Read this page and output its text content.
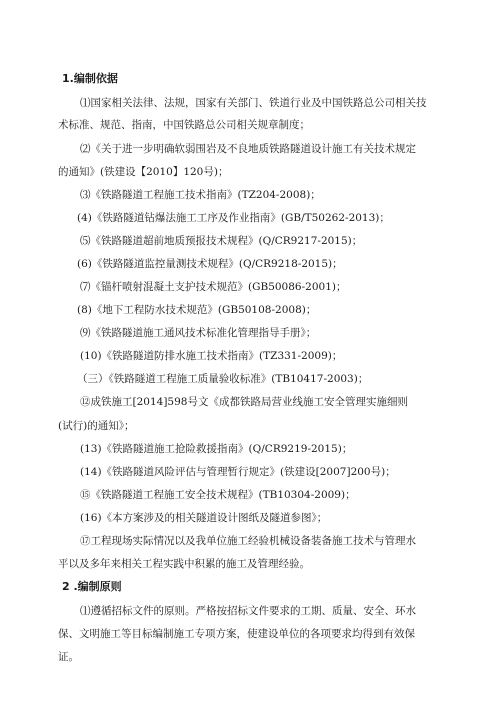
1.编制依据
⑴国家相关法律、法规，国家有关部门、铁道行业及中国铁路总公司相关技
术标准、规范、指南，中国铁路总公司相关规章制度；
⑵《关于进一步明确软弱围岩及不良地质铁路隧道设计施工有关技术规定
的通知》(铁建设【2010】120号)；
⑶《铁路隧道工程施工技术指南》(TZ204-2008)；
(4)《铁路隧道钻爆法施工工序及作业指南》(GB/T50262-2013)；
⑸《铁路隧道超前地质预报技术规程》(Q/CR9217-2015)；
(6)《铁路隧道监控量测技术规程》(Q/CR9218-2015)；
⑺《锚杆喷射混凝土支护技术规范》(GB50086-2001)；
(8)《地下工程防水技术规范》(GB50108-2008)；
⑼《铁路隧道施工通风技术标准化管理指导手册》；
(10)《铁路隧道防排水施工技术指南》(TZ331-2009)；
（三）《铁路隧道工程施工质量验收标准》(TB10417-2003)；
⑫成铁施工[2014]598号文《成都铁路局营业线施工安全管理实施细则
(试行)的通知》；
(13)《铁路隧道施工抢险救援指南》(Q/CR9219-2015)；
(14)《铁路隧道风险评估与管理暂行规定》(铁建设[2007]200号)；
⑮《铁路隧道工程施工安全技术规程》(TB10304-2009)；
(16)《本方案涉及的相关隧道设计图纸及隧道参图》；
⑰工程现场实际情况以及我单位施工经验机械设备装备施工技术与管理水
平以及多年来相关工程实践中积累的施工及管理经验。
2 .编制原则
⑴遵循招标文件的原则。严格按招标文件要求的工期、质量、安全、环水
保、文明施工等目标编制施工专项方案，使建设单位的各项要求均得到有效保
证。
